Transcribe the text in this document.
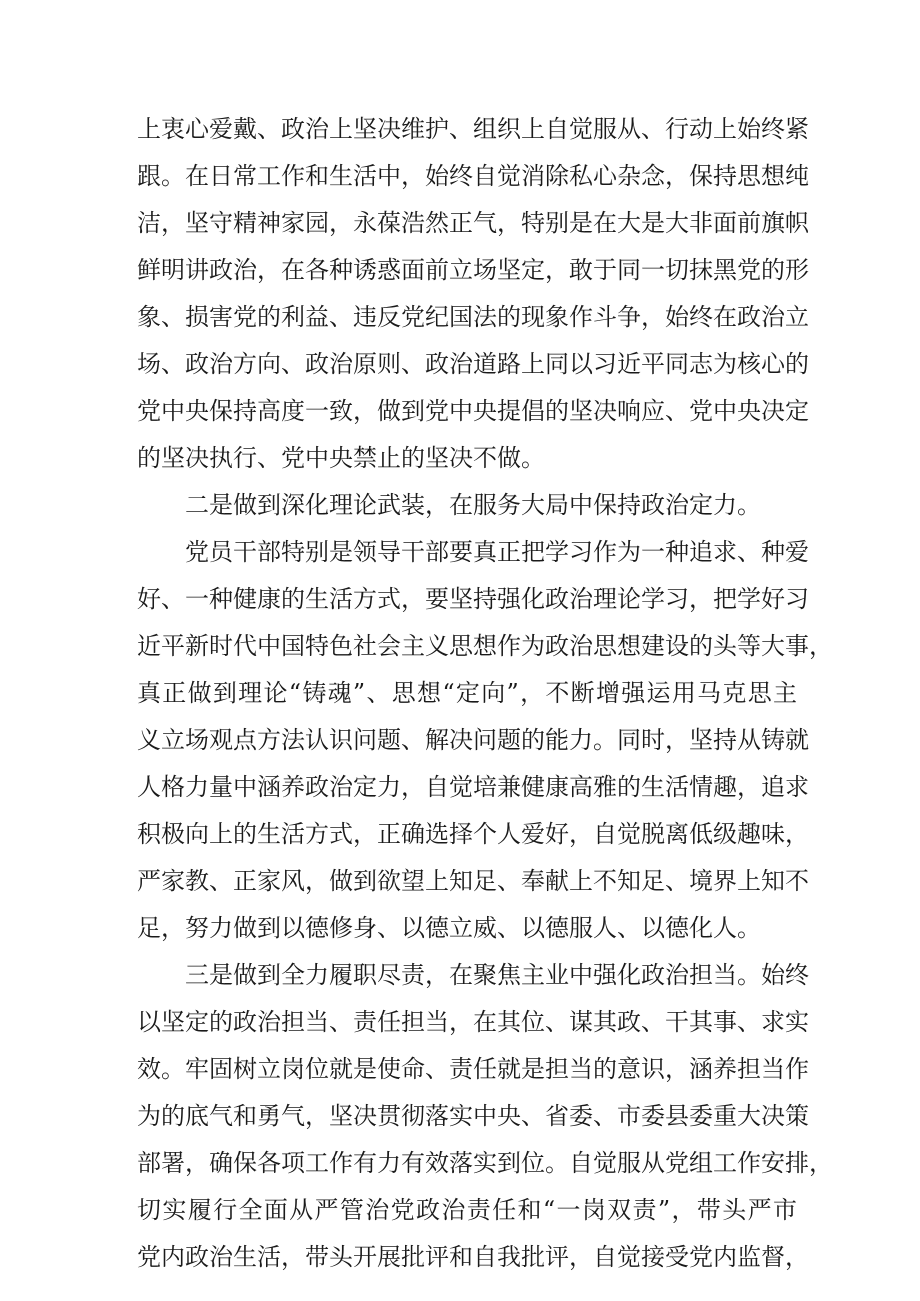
上衷心爱戴、政治上坚决维护、组织上自觉服从、行动上始终紧
跟。在日常工作和生活中，始终自觉消除私心杂念，保持思想纯
洁，坚守精神家园，永葆浩然正气，特别是在大是大非面前旗帜
鲜明讲政治，在各种诱惑面前立场坚定，敢于同一切抹黑党的形
象、损害党的利益、违反党纪国法的现象作斗争，始终在政治立
场、政治方向、政治原则、政治道路上同以习近平同志为核心的
党中央保持高度一致，做到党中央提倡的坚决响应、党中央决定
的坚决执行、党中央禁止的坚决不做。
二是做到深化理论武装，在服务大局中保持政治定力。
党员干部特别是领导干部要真正把学习作为一种追求、种爱
好、一种健康的生活方式，要坚持强化政治理论学习，把学好习
近平新时代中国特色社会主义思想作为政治思想建设的头等大事，
真正做到理论“铸魂”、思想“定向”，不断增强运用马克思主
义立场观点方法认识问题、解决问题的能力。同时，坚持从铸就
人格力量中涵养政治定力，自觉培兼健康高雅的生活情趣，追求
积极向上的生活方式，正确选择个人爱好，自觉脱离低级趣味，
严家教、正家风，做到欲望上知足、奉献上不知足、境界上知不
足，努力做到以德修身、以德立威、以德服人、以德化人。
三是做到全力履职尽责，在聚焦主业中强化政治担当。始终
以坚定的政治担当、责任担当，在其位、谋其政、干其事、求实
效。牢固树立岗位就是使命、责任就是担当的意识，涵养担当作
为的底气和勇气，坚决贯彻落实中央、省委、市委县委重大决策
部署，确保各项工作有力有效落实到位。自觉服从党组工作安排，
切实履行全面从严管治党政治责任和“一岗双责”，带头严市
党内政治生活，带头开展批评和自我批评，自觉接受党内监督，
